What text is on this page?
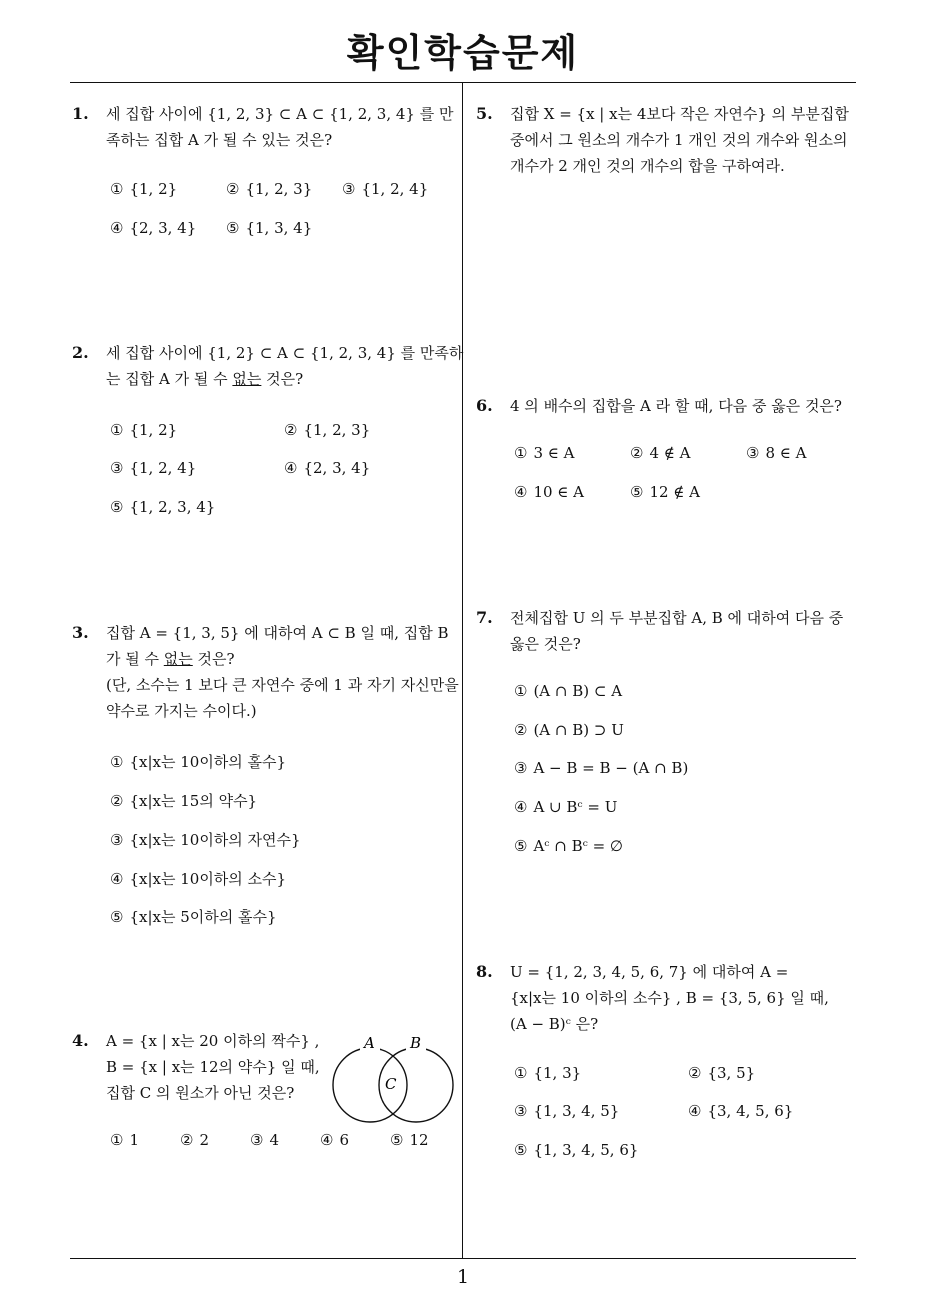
확인학습문제
1
1. 세 집합 사이에 {1, 2, 3} ⊂ A ⊂ {1, 2, 3, 4} 를 만
족하는 집합 A 가 될 수 있는 것은?
① {1, 2}	② {1, 2, 3} ③ {1, 2, 4}
④ {2, 3, 4} ⑤ {1, 3, 4}
2. 세 집합 사이에 {1, 2} ⊂ A ⊂ {1, 2, 3, 4} 를 만족하
는 집합 A 가 될 수 없는 것은?
① {1, 2}	② {1, 2, 3}
③ {1, 2, 4}	④ {2, 3, 4}
⑤ {1, 2, 3, 4}
3. 집합 A = {1, 3, 5} 에 대하여 A ⊂ B 일 때, 집합 B
가 될 수 없는 것은?
(단, 소수는 1 보다 큰 자연수 중에 1 과 자기 자신만을
약수로 가지는 수이다.)
① {x|x는 10이하의 홀수}
② {x|x는 15의 약수}
③ {x|x는 10이하의 자연수}
④ {x|x는 10이하의 소수}
⑤ {x|x는 5이하의 홀수}
4. A = {x | x는 20 이하의 짝수} ,
B = {x | x는 12의 약수} 일 때,
집합 C 의 원소가 아닌 것은?
A B
C
① 1	② 2	③ 4	④ 6	⑤ 12
5. 집합 X = {x | x는 4보다 작은 자연수} 의 부분집합
중에서 그 원소의 개수가 1 개인 것의 개수와 원소의
개수가 2 개인 것의 개수의 합을 구하여라.
6. 4 의 배수의 집합을 A 라 할 때, 다음 중 옳은 것은?
① 3 ∈ A	② 4 ∉ A	③ 8 ∈ A
④ 10 ∈ A	⑤ 12 ∉ A
7. 전체집합 U 의 두 부분집합 A, B 에 대하여 다음 중
옳은 것은?
① (A ∩ B) ⊂ A
② (A ∩ B) ⊃ U
③ A − B = B − (A ∩ B)
④ A ∪ Bᶜ = U
⑤ Aᶜ ∩ Bᶜ = ∅
8. U = {1, 2, 3, 4, 5, 6, 7} 에 대하여 A =
{x|x는 10 이하의 소수} , B = {3, 5, 6} 일 때,
(A − B)ᶜ 은?
① {1, 3}	② {3, 5}
③ {1, 3, 4, 5}	④ {3, 4, 5, 6}
⑤ {1, 3, 4, 5, 6}
